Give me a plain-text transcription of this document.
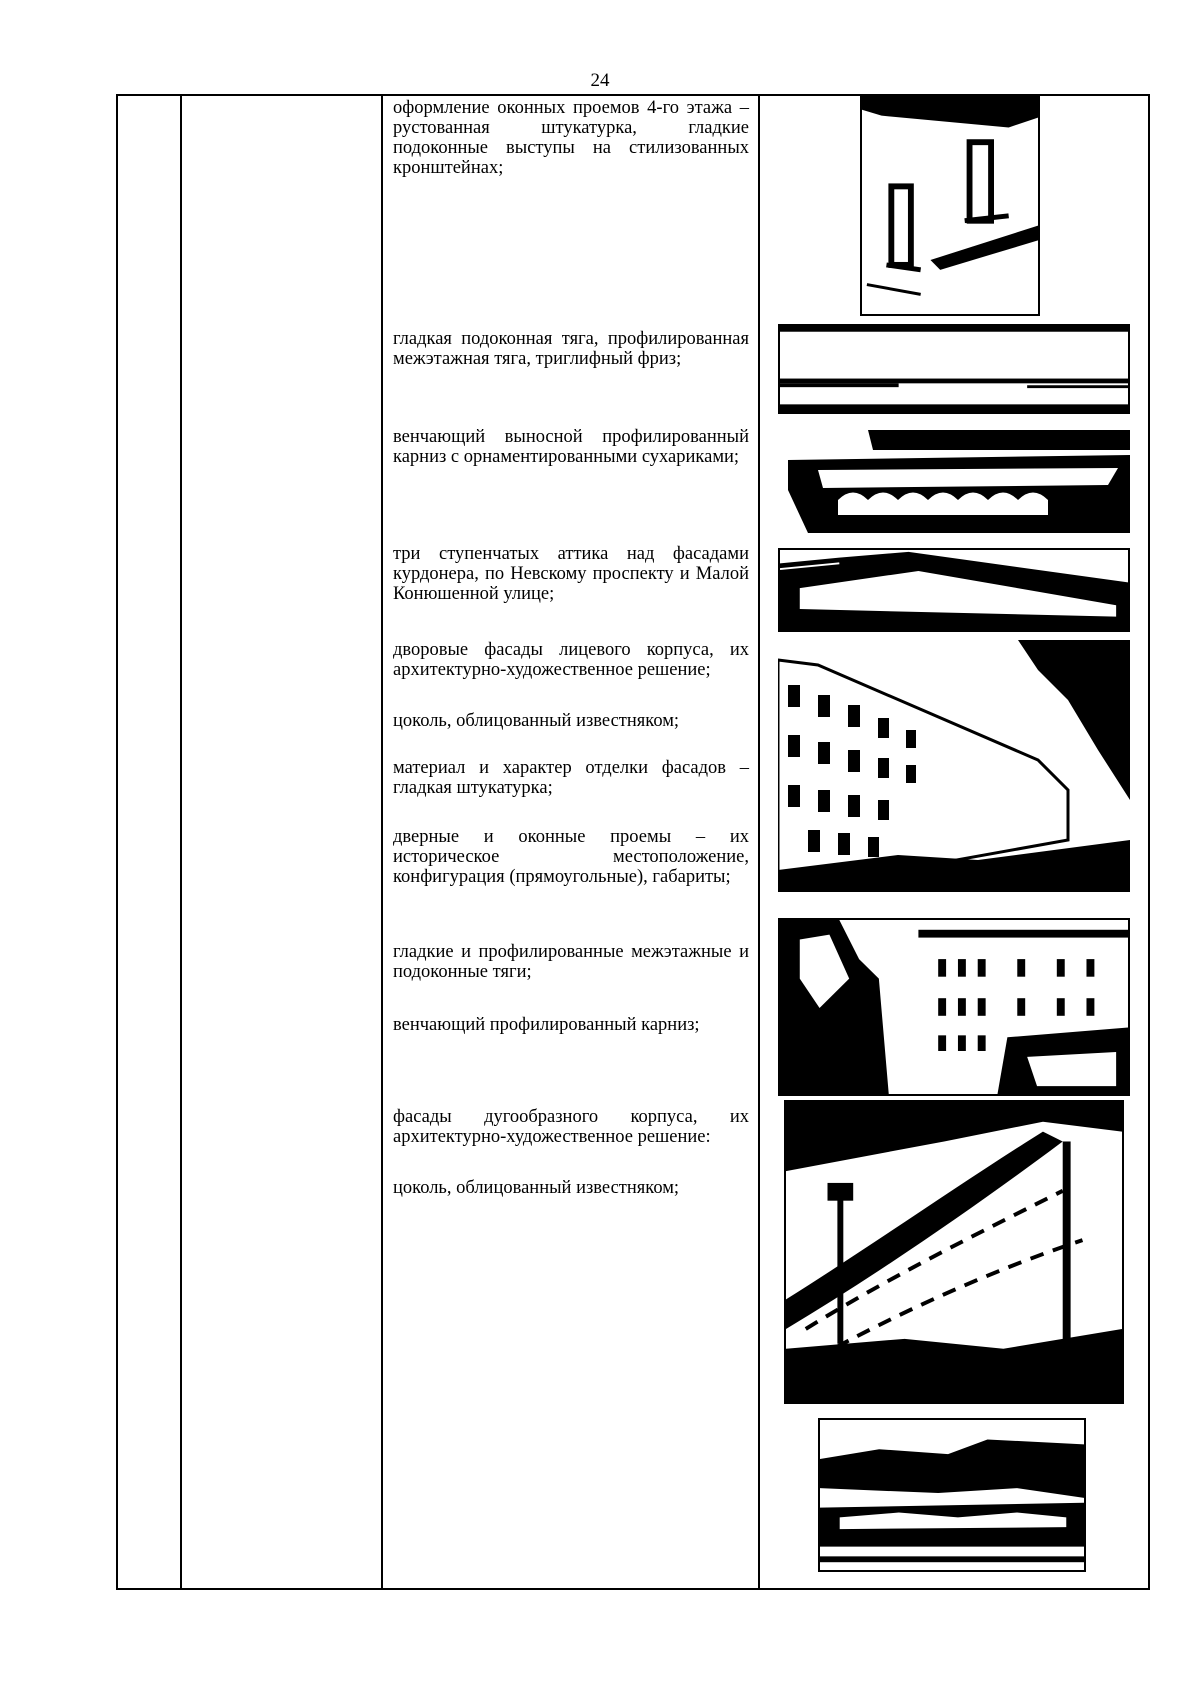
24
оформление оконных проемов 4-го этажа – рустованная штукатурка, гладкие подоконные выступы на стилизованных кронштейнах;
гладкая подоконная тяга, профилированная межэтажная тяга, триглифный фриз;
венчающий выносной профилированный карниз с орнаментированными сухариками;
три ступенчатых аттика над фасадами курдонера, по Невскому проспекту и Малой Конюшенной улице;
дворовые фасады лицевого корпуса, их архитектурно-художественное решение;
цоколь, облицованный известняком;
материал и характер отделки фасадов – гладкая штукатурка;
дверные и оконные проемы – их историческое местоположение, конфигурация (прямоугольные), габариты;
гладкие и профилированные межэтажные и подоконные тяги;
венчающий профилированный карниз;
фасады дугообразного корпуса, их архитектурно-художественное решение:
цоколь, облицованный известняком;
